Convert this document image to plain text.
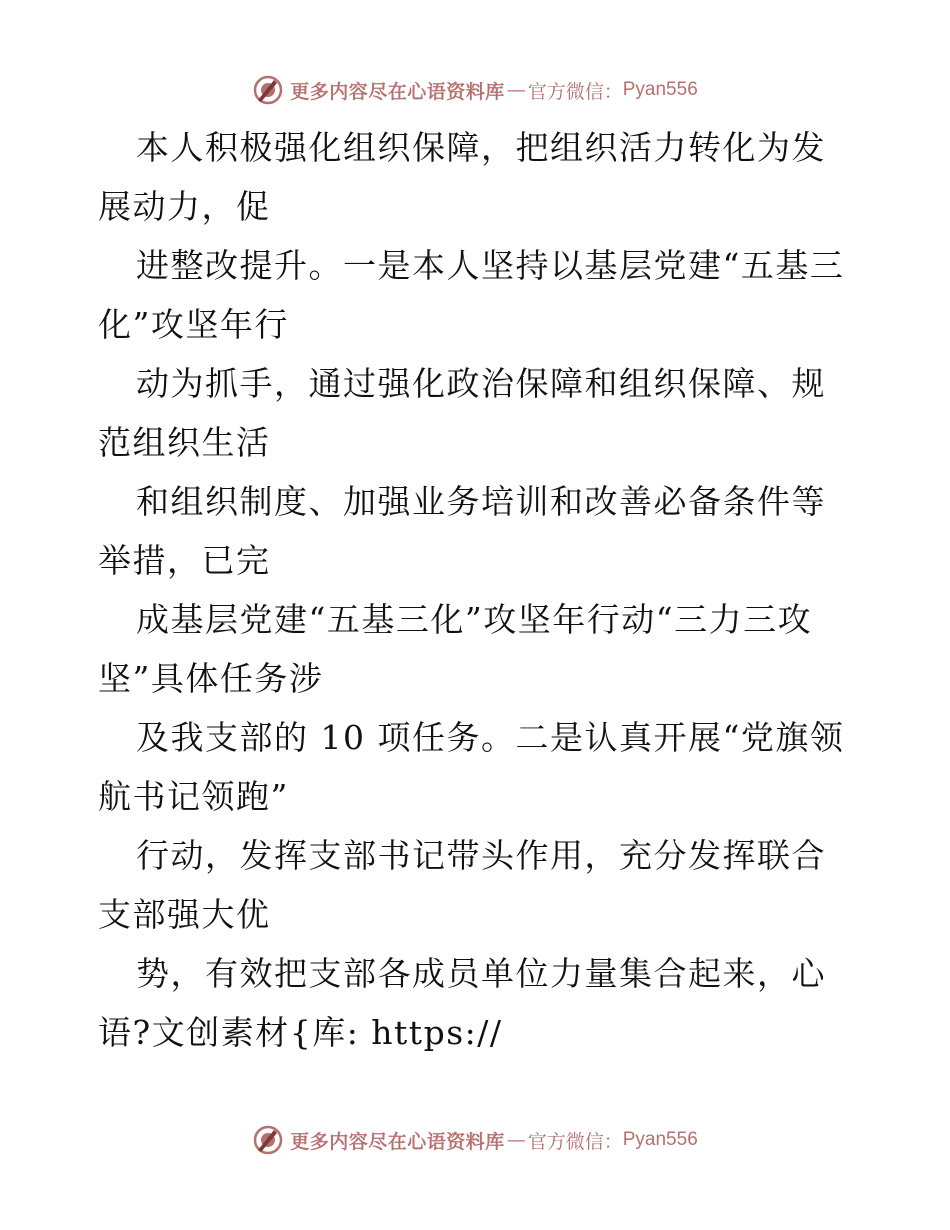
更多内容尽在心语资料库 — 官方微信： Pyan556

本人积极强化组织保障，把组织活力转化为发展动力，促

进整改提升。一是本人坚持以基层党建“五基三化”攻坚年行

动为抓手，通过强化政治保障和组织保障、规范组织生活

和组织制度、加强业务培训和改善必备条件等举措，已完

成基层党建“五基三化”攻坚年行动“三力三攻坚”具体任务涉

及我支部的 10 项任务。二是认真开展“党旗领航书记领跑”

行动，发挥支部书记带头作用，充分发挥联合支部强大优

势，有效把支部各成员单位力量集合起来，心语?文创素材{库: https://

更多内容尽在心语资料库 — 官方微信： Pyan556
